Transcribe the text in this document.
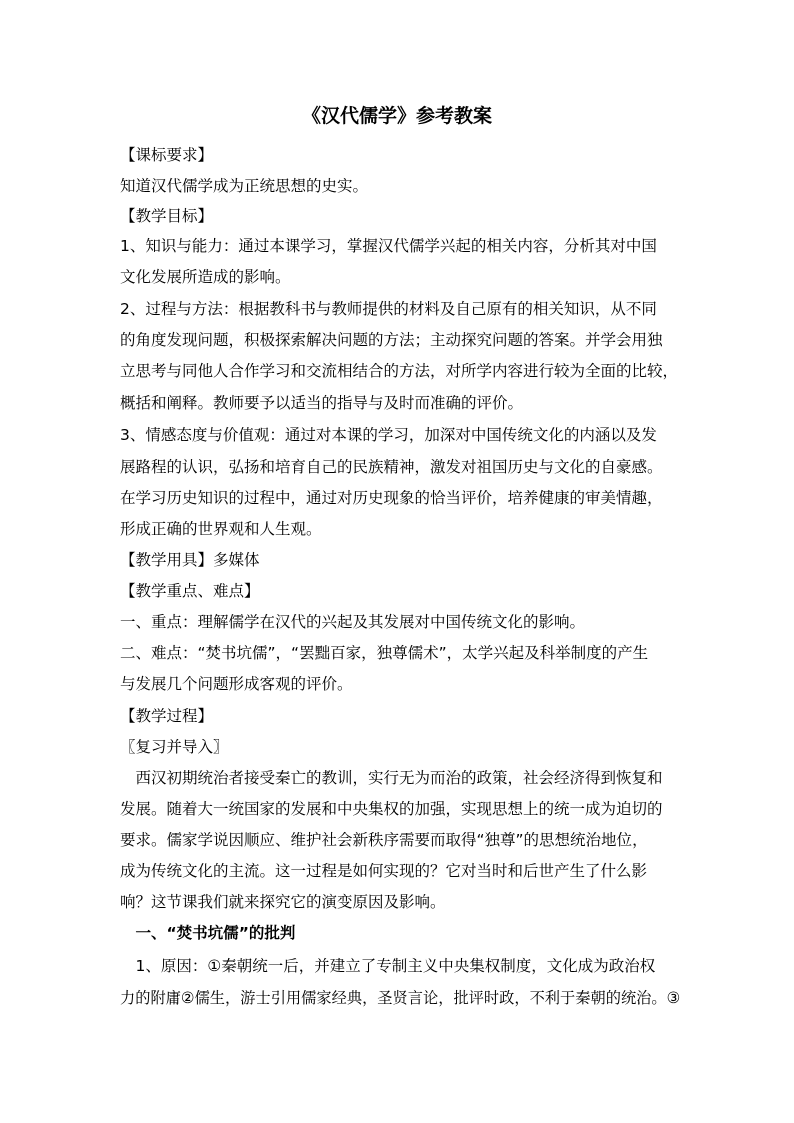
《汉代儒学》参考教案
【课标要求】
知道汉代儒学成为正统思想的史实。
【教学目标】
1、知识与能力：通过本课学习，掌握汉代儒学兴起的相关内容，分析其对中国
文化发展所造成的影响。
2、过程与方法：根据教科书与教师提供的材料及自己原有的相关知识，从不同
的角度发现问题，积极探索解决问题的方法；主动探究问题的答案。并学会用独
立思考与同他人合作学习和交流相结合的方法，对所学内容进行较为全面的比较，
概括和阐释。教师要予以适当的指导与及时而准确的评价。
3、情感态度与价值观：通过对本课的学习，加深对中国传统文化的内涵以及发
展路程的认识，弘扬和培育自己的民族精神，激发对祖国历史与文化的自豪感。
在学习历史知识的过程中，通过对历史现象的恰当评价，培养健康的审美情趣，
形成正确的世界观和人生观。
【教学用具】多媒体
【教学重点、难点】
一、重点：理解儒学在汉代的兴起及其发展对中国传统文化的影响。
二、难点：“焚书坑儒”，“罢黜百家，独尊儒术”，太学兴起及科举制度的产生
与发展几个问题形成客观的评价。
【教学过程】
〖复习并导入〗
　西汉初期统治者接受秦亡的教训，实行无为而治的政策，社会经济得到恢复和
发展。随着大一统国家的发展和中央集权的加强，实现思想上的统一成为迫切的
要求。儒家学说因顺应、维护社会新秩序需要而取得“独尊”的思想统治地位，
成为传统文化的主流。这一过程是如何实现的？它对当时和后世产生了什么影
响？这节课我们就来探究它的演变原因及影响。
　一、“焚书坑儒”的批判
　1、原因：①秦朝统一后，并建立了专制主义中央集权制度，文化成为政治权
力的附庸②儒生，游士引用儒家经典，圣贤言论，批评时政，不利于秦朝的统治。③
